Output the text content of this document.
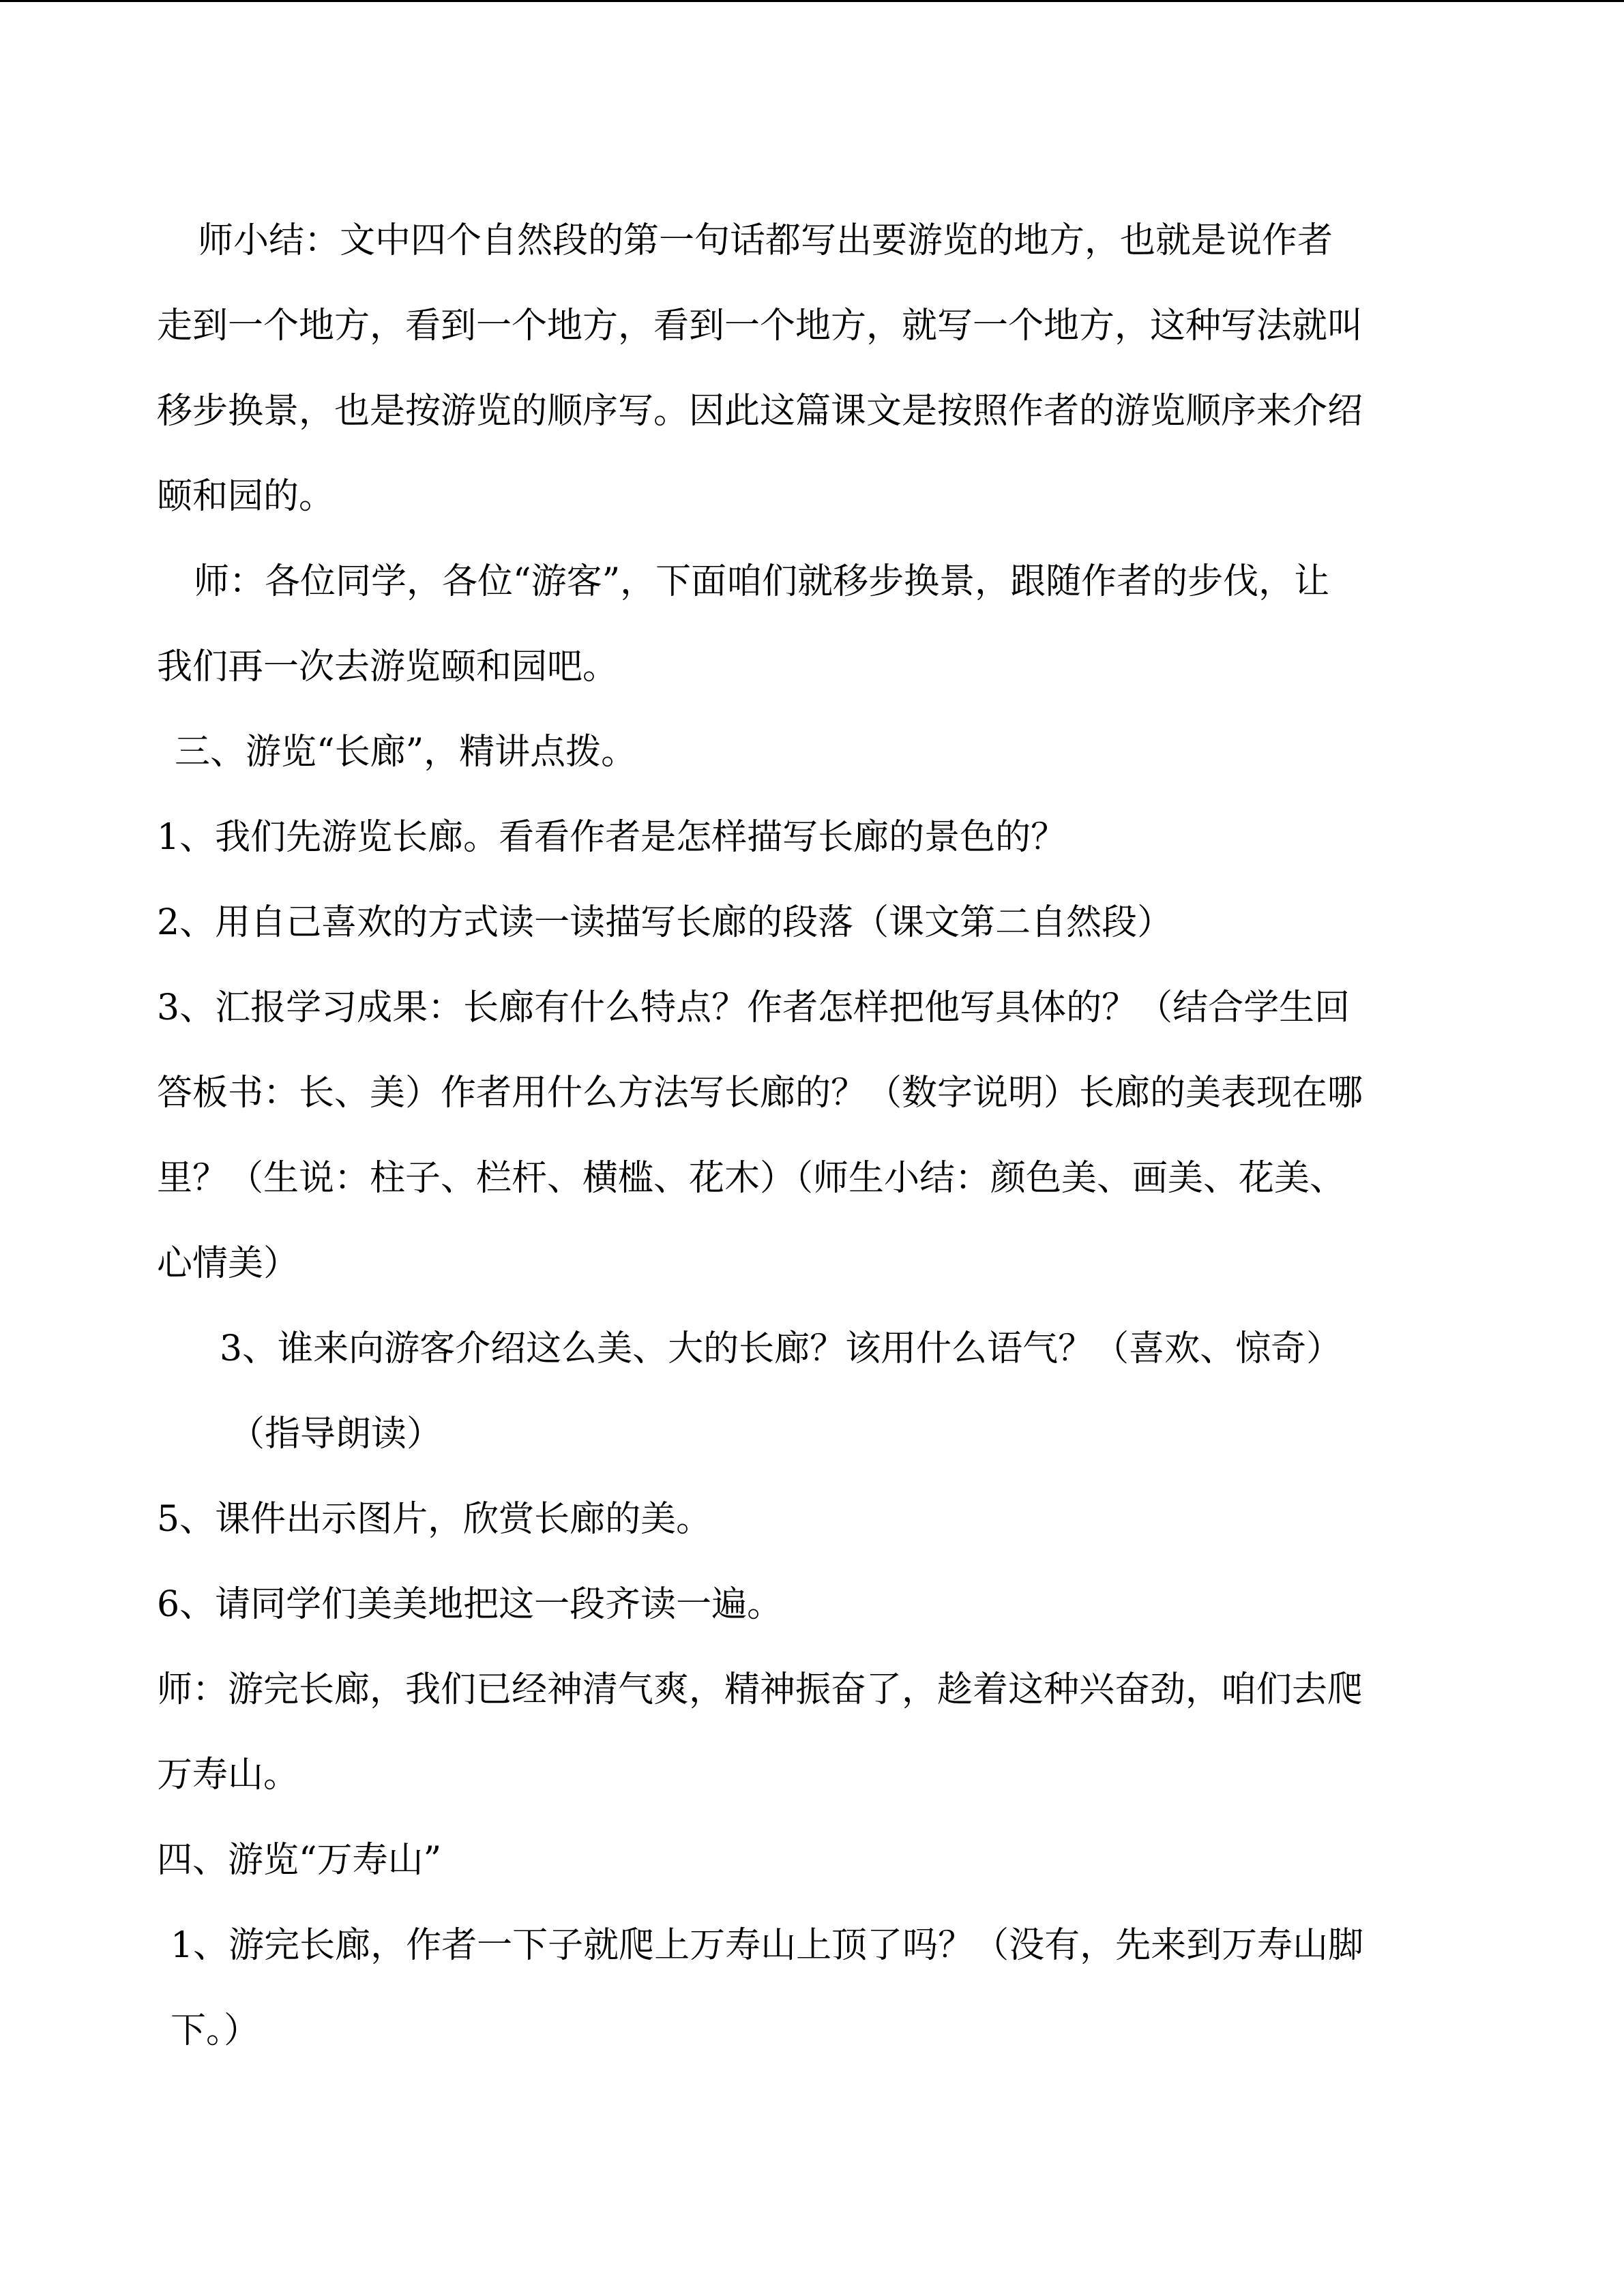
师小结：文中四个自然段的第一句话都写出要游览的地方，也就是说作者
走到一个地方，看到一个地方，看到一个地方，就写一个地方，这种写法就叫
移步换景，也是按游览的顺序写。因此这篇课文是按照作者的游览顺序来介绍
颐和园的。
师：各位同学，各位“游客”，下面咱们就移步换景，跟随作者的步伐，让
我们再一次去游览颐和园吧。
三、游览“长廊”，精讲点拨。
1、我们先游览长廊。看看作者是怎样描写长廊的景色的？
2、用自己喜欢的方式读一读描写长廊的段落（课文第二自然段）
3、汇报学习成果：长廊有什么特点？作者怎样把他写具体的？（结合学生回
答板书：长、美）作者用什么方法写长廊的？（数字说明）长廊的美表现在哪
里？（生说：柱子、栏杆、横槛、花木）（师生小结：颜色美、画美、花美、
心情美）
3、谁来向游客介绍这么美、大的长廊？该用什么语气？（喜欢、惊奇）
（指导朗读）
5、课件出示图片，欣赏长廊的美。
6、请同学们美美地把这一段齐读一遍。
师：游完长廊，我们已经神清气爽，精神振奋了，趁着这种兴奋劲，咱们去爬
万寿山。
四、游览“万寿山”
1、游完长廊，作者一下子就爬上万寿山上顶了吗？（没有，先来到万寿山脚
下。）
